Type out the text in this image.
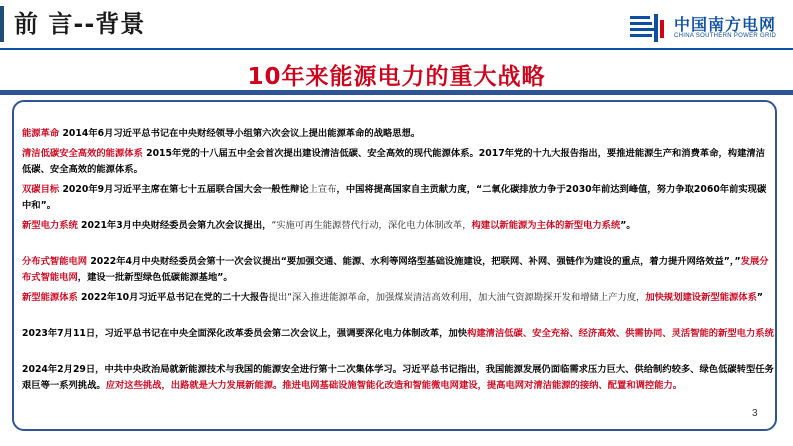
前 言--背景	中国南方电网
CHINA SOUTHERN POWER GRID
10年来能源电力的重大战略
能源革命 2014年6月习近平总书记在中央财经领导小组第六次会议上提出能源革命的战略思想。
清洁低碳安全高效的能源体系 2015年党的十八届五中全会首次提出建设清洁低碳、安全高效的现代能源体系。2017年党的十九大报告指出，要推进能源生产和消费革命，构建清洁低碳、安全高效的能源体系。
双碳目标 2020年9月习近平主席在第七十五届联合国大会一般性辩论上宣布，中国将提高国家自主贡献力度，“二氧化碳排放力争于2030年前达到峰值，努力争取2060年前实现碳中和”。
新型电力系统 2021年3月中央财经委员会第九次会议提出，“实施可再生能源替代行动，深化电力体制改革，构建以新能源为主体的新型电力系统”。
分布式智能电网 2022年4月中央财经委员会第十一次会议提出“要加强交通、能源、水利等网络型基础设施建设，把联网、补网、强链作为建设的重点，着力提升网络效益”，”发展分布式智能电网，建设一批新型绿色低碳能源基地”。
新型能源体系 2022年10月习近平总书记在党的二十大报告提出“深入推进能源革命，加强煤炭清洁高效利用，加大油气资源勘探开发和增储上产力度，加快规划建设新型能源体系”
2023年7月11日，习近平总书记在中央全面深化改革委员会第二次会议上，强调要深化电力体制改革，加快构建清洁低碳、安全充裕、经济高效、供需协同、灵活智能的新型电力系统
2024年2月29日，中共中央政治局就新能源技术与我国的能源安全进行第十二次集体学习。习近平总书记指出，我国能源发展仍面临需求压力巨大、供给制约较多、绿色低碳转型任务艰巨等一系列挑战。应对这些挑战，出路就是大力发展新能源。推进电网基础设施智能化改造和智能微电网建设，提高电网对清洁能源的接纳、配置和调控能力。
3
